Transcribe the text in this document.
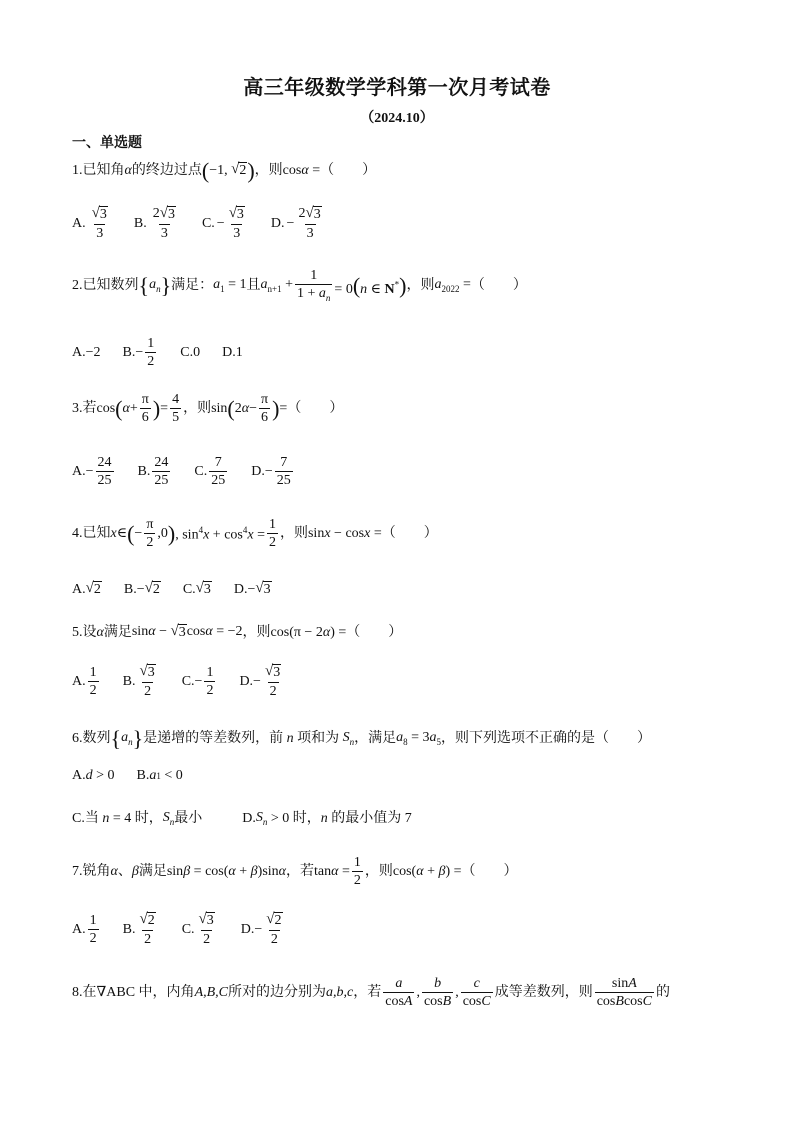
高三年级数学学科第一次月考试卷
（2024.10）
一、单选题
1.已知角 α 的终边过点 ( −1, √ 2 ) ，则 cosα = （　　）
A. $\frac{√ 3}{3} B$. $\frac{2 √ 3}{3} C$. − $\frac{√ 3}{3} D$. − $\frac{2 √ 3}{3}$
2.已知数列 { $a_n$ } 满足： $a_1 = 1$ 且 $a_{n+1} + \frac{1}{1 + a_n} = 0(n$ ∈ N*) ，则 $a_{2022}$ = （　　）
A.−2 $B.- \frac{1}{2} C.0$ D.1
3.若 cos ( $\alpha + \frac{\pi}{6}$ ) = $\frac{4}{5}$ ，则 sin ( 2 $\alpha - \frac{\pi}{6}$ ) = （　　）
$A.- \frac{24}{25} B$. $\frac{24}{25} C$. $\frac{7}{25} D.- \frac{7}{25}$
4.已知 x ∈ ( − $\frac{\pi}{2} ,0$ ) , $\sin^4x + \cos^4x = \frac{1}{2}$ ，则 sinx − cosx = （　　）
A. √ 2 B.− √ 2 C. √ 3 D.− √ 3
5.设 α 满足 sinα − √ 3 cosα = −2 ，则 cos(π − 2α) = （　　）
A. $\frac{1}{2} B$. $\frac{√ 3}{2} C.- \frac{1}{2} D.- \frac{√ 3}{2}$
6.数列 { $a_n$ } 是递增的等差数列，前 n 项和为 $S_n$ ，满足 $a_8 = 3a_5$ ，则下列选项不正确的是（　　）
A. d > 0 B. a 1 < 0
C.当 n = 4 时， $S_n$ 最小	D. $S_n > 0$ 时， n
的最小值为 7
7.锐角 α 、 β 满足 sinβ = cos(α + β)sinα ，若 $\tan\alpha = \frac{1}{2}$ ，则 cos(α + β) = （　　）
A. $\frac{1}{2} B$. $\frac{√ 2}{2} C$. $\frac{√ 3}{2} D.- \frac{√ 2}{2}$
8.在∇ABC 中，内角 A,B,C 所对的边分别为 a,b,c ，若 $\frac{a}{\cos A}$ , $\frac{b}{\cos B}$ , $\frac{c}{\cos C}$ 成等差数列，则 $\frac{\sin A}{\text{cosBcosC}}$ 的
